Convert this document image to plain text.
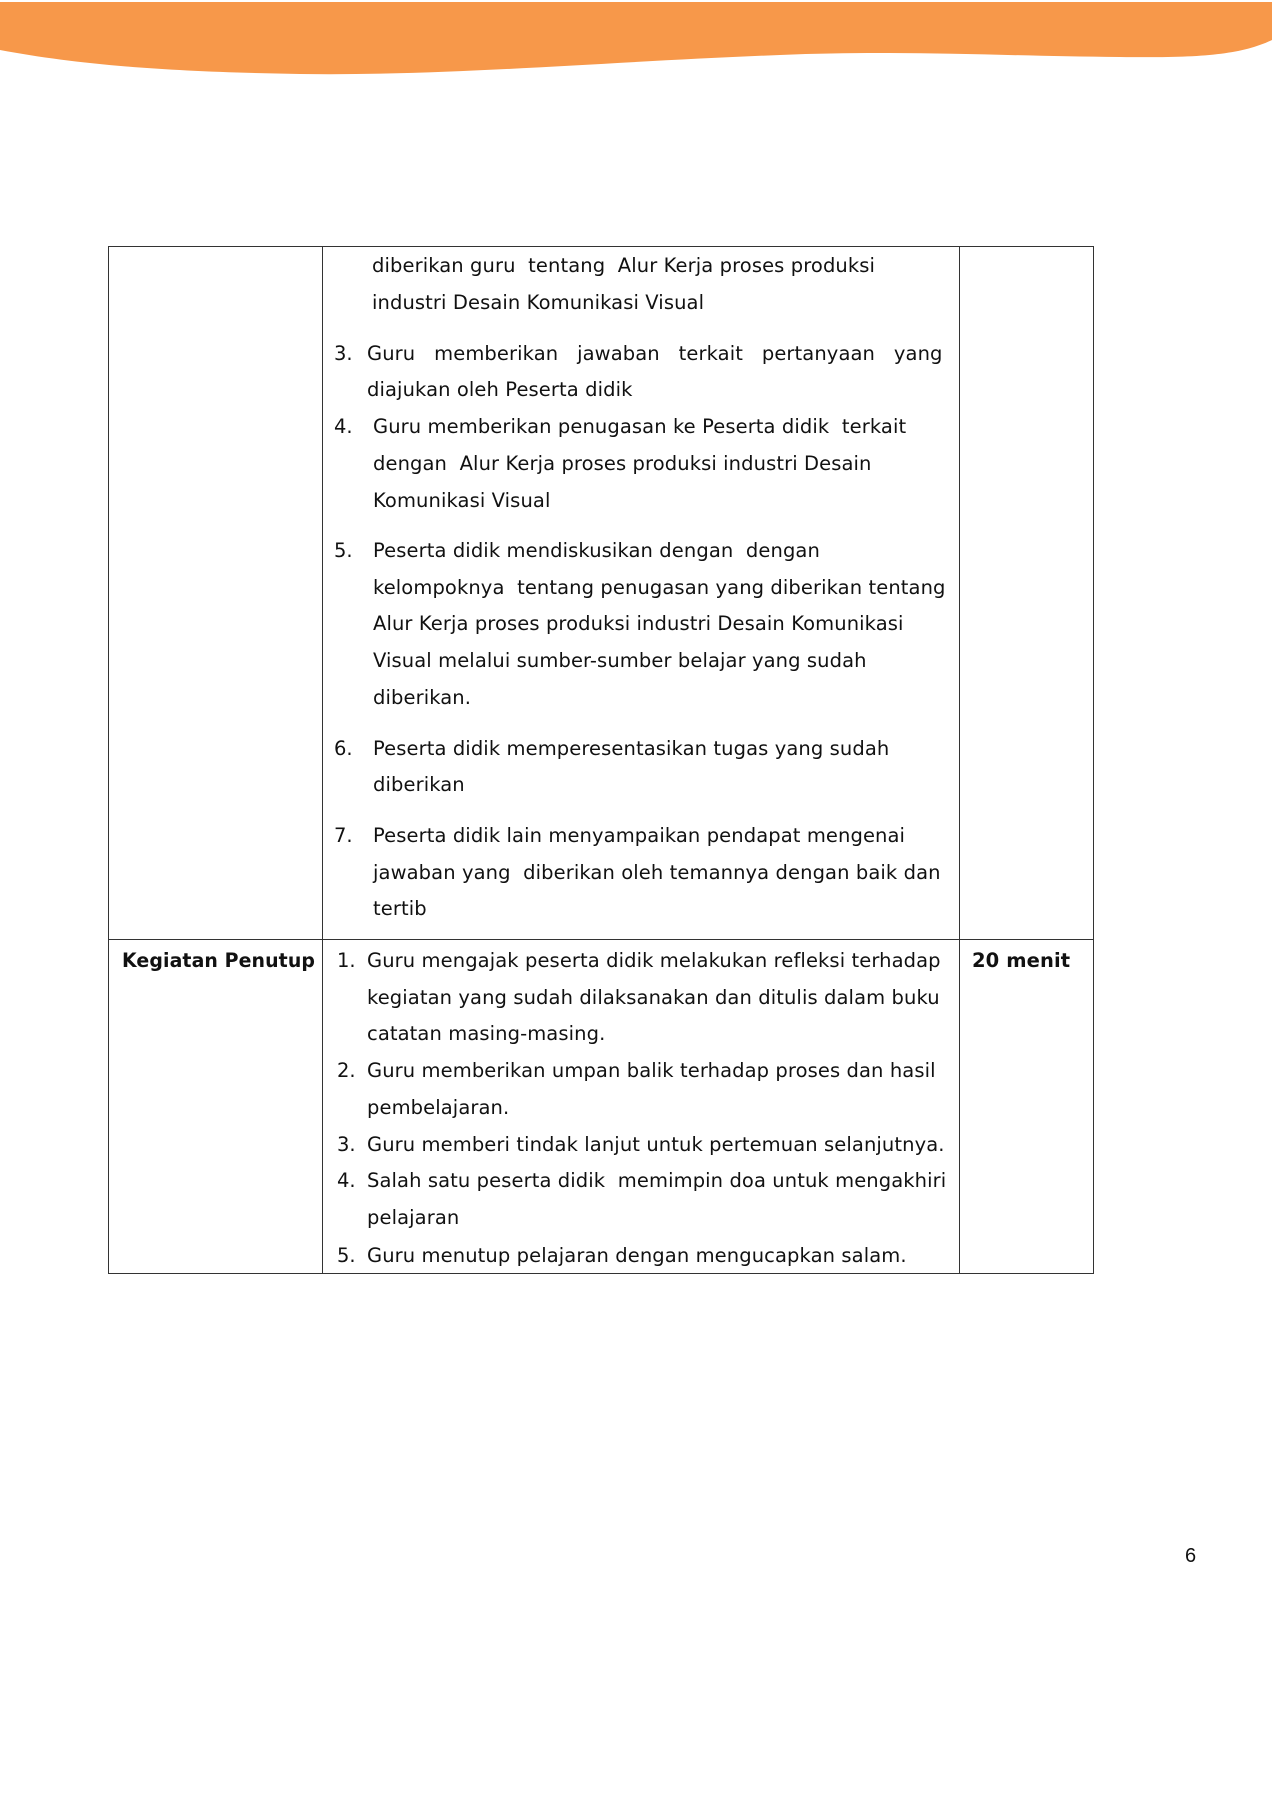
diberikan guru  tentang  Alur Kerja proses produksi
industri Desain Komunikasi Visual
3. Guru   memberikan   jawaban   terkait   pertanyaan   yang
diajukan oleh Peserta didik
4. Guru memberikan penugasan ke Peserta didik  terkait
dengan  Alur Kerja proses produksi industri Desain
Komunikasi Visual
5. Peserta didik mendiskusikan dengan  dengan
kelompoknya  tentang penugasan yang diberikan tentang
Alur Kerja proses produksi industri Desain Komunikasi
Visual melalui sumber-sumber belajar yang sudah
diberikan.
6. Peserta didik memperesentasikan tugas yang sudah
diberikan
7. Peserta didik lain menyampaikan pendapat mengenai
jawaban yang  diberikan oleh temannya dengan baik dan
tertib
Kegiatan Penutup	20 menit
1. Guru mengajak peserta didik melakukan refleksi terhadap
kegiatan yang sudah dilaksanakan dan ditulis dalam buku
catatan masing-masing.
2. Guru memberikan umpan balik terhadap proses dan hasil
pembelajaran.
3. Guru memberi tindak lanjut untuk pertemuan selanjutnya.
4. Salah satu peserta didik  memimpin doa untuk mengakhiri
pelajaran
5. Guru menutup pelajaran dengan mengucapkan salam.
6
